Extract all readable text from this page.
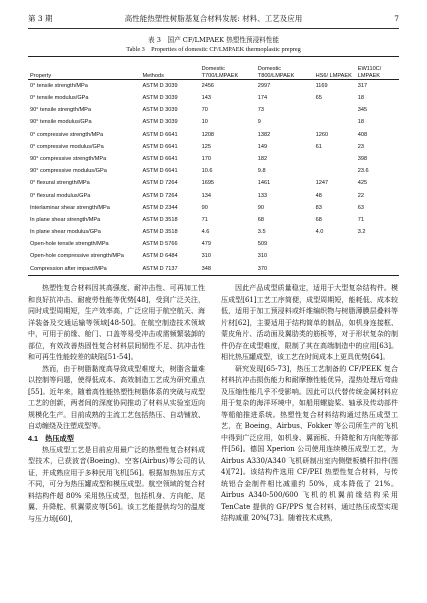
第 3 期	高性能热塑性树脂基复合材料发展: 材料、工艺及应用	7
表 3　国产 CF/LMPAEK 热塑性预浸料性能
Table 3　Properties of domestic CF/LMPAEK thermoplastic prepreg
Property	Methods	Domestic T700/LMPAEK	Domestic T800/LMPAEK	HS6/ LMPAEK	EW110C/ LMPAEK
0° tensile strength/MPa	ASTM D 3039	2456	2997	1169	317
0° tensile modulus/GPa	ASTM D 3039	143	174	65	18
90° tensile strength/MPa	ASTM D 3039	70	73		345
90° tensile modulus/GPa	ASTM D 3039	10	9		18
0° compressive strength/MPa	ASTM D 6641	1208	1382	1260	408
0° compressive modulus/GPa	ASTM D 6641	125	149	61	23
90° compressive strength/MPa	ASTM D 6641	170	182		398
90° compressive modulus/GPa	ASTM D 6641	10.6	9.8		23.6
0° flexural strength/MPa	ASTM D 7264	1695	1461	1247	425
0° flexural modulus/GPa	ASTM D 7264	134	133	48	22
Interlaminar shear strength/MPa	ASTM D 2344	90	90	83	63
In plane shear strength/MPa	ASTM D 3518	71	68	68	71
In plane shear modulus/GPa	ASTM D 3518	4.6	3.5	4.0	3.2
Open-hole tensile strength/MPa	ASTM D 5766	479	509		
Open-hole compressive strength/MPa	ASTM D 6484	310	310		
Compression after impact/MPa	ASTM D 7137	348	370		

热塑性复合材料因其高强度、耐冲击性、可再加工性和良好抗冲击、耐疲劳性能等优势[48]，受到广泛关注，同时成型周期短，生产效率高，广泛应用于航空航天、海洋装备及交通运输等领域[48-50]。在航空制造技术领域中，可用于前缘、舱门、口盖等易受冲击或需频繁装卸的部位，有效改善热固性复合材料层间韧性不足、抗冲击性和可再生性能较差的缺陷[51-54]。

然而，由于树脂黏度高导致成型难度大，树脂含量难以控制等问题，使得低成本、高效制造工艺成为研究重点[55]。近年来，随着高性能热塑性树脂体系的突破与成型工艺的创新，两者间的深度协同推动了材料从实验室迈向规模化生产。目前成熟的主流工艺包括热压、自动铺放、自动缠绕及注塑成型等。

4.1　热压成型

热压成型工艺是目前应用最广泛的热塑性复合材料成型技术，已获波音(Boeing)、空客(Airbus)等公司的认证，并成熟应用于多种民用飞机[56]。根据加热加压方式不同，可分为热压罐成型和模压成型。航空领域的复合材料结构件超 80% 采用热压成型，包括机身、方向舵、尾翼、升降舵、机翼蒙皮等[56]。该工艺能提供均匀的温度与压力场[60]，

因此产品成型质量稳定，适用于大型复杂结构件。模压成型[61]工艺工序简便，成型周期短，能耗低、成本较低，适用于加工预浸料或纤维编织物与树脂薄膜层叠料等片材[62]，主要适用于结构简单的制品，如机身连接框、蒙皮角片、活动面及翼肋类的筋板等，对于形状复杂的制件仍存在成型难度，限制了其在高端制造中的应用[63]。相比热压罐成型，该工艺在时间成本上更具优势[64]。

研究发现[65-73]，热压工艺制备的 CF/PEEK 复合材料抗冲击损伤能力和耐摩擦性能优异，湿热处理后弯曲及压缩性能几乎不受影响。因此可以代替传统金属材料应用于复杂的海洋环境中，如船用螺旋桨、轴承及传动部件等船舶推进系统。热塑性复合材料结构通过热压成型工艺，在 Boeing、Airbus、Fokker 等公司所生产的飞机中得到广泛应用，如机身、翼面板、升降舵和方向舵等部件[56]。德国 Xperion 公司使用连续模压成型工艺，为 Airbus A330/A340 飞机研制出室内侧壁板横杆扣件(图 4)[72]。该结构件选用 CF/PEI 热塑性复合材料，与传统铝合金制件相比减重约 50%，成本降低了 21%。Airbus A340-500/600 飞机的机翼前缘结构采用 TenCate 提供的 GF/PPS 复合材料，通过热压成型实现结构减重 20%[73]。随着技术成熟，
